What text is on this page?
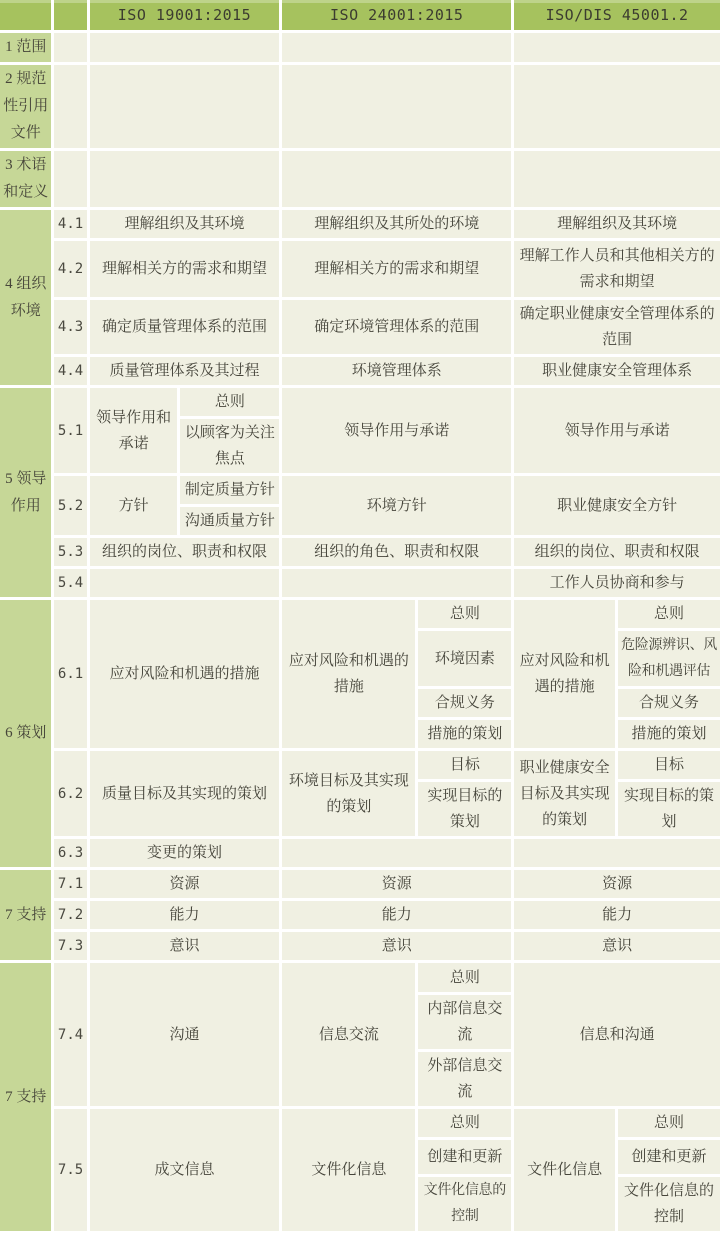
		ISO 19001:2015		ISO 24001:2015		ISO/DIS 45001.2	
1 范围							
2 规范性引用文件							
3 术语和定义							
4 组织环境	4.1	理解组织及其环境		理解组织及其所处的环境		理解组织及其环境	
	4.2	理解相关方的需求和期望		理解相关方的需求和期望		理解工作人员和其他相关方的需求和期望	
	4.3	确定质量管理体系的范围		确定环境管理体系的范围		确定职业健康安全管理体系的范围	
	4.4	质量管理体系及其过程		环境管理体系		职业健康安全管理体系	
5 领导作用	5.1	领导作用和承诺	总则	领导作用与承诺		领导作用与承诺	
			以顾客为关注焦点				
	5.2	方针	制定质量方针	环境方针		职业健康安全方针	
			沟通质量方针				
	5.3	组织的岗位、职责和权限		组织的角色、职责和权限		组织的岗位、职责和权限	
	5.4					工作人员协商和参与	
6 策划	6.1	应对风险和机遇的措施		应对风险和机遇的措施	总则	应对风险和机遇的措施	总则
					环境因素		危险源辨识、风险和机遇评估
					合规义务		合规义务
					措施的策划		措施的策划
	6.2	质量目标及其实现的策划		环境目标及其实现的策划	目标	职业健康安全目标及其实现的策划	目标
					实现目标的策划		实现目标的策划
	6.3	变更的策划					
7 支持	7.1	资源		资源		资源	
	7.2	能力		能力		能力	
	7.3	意识		意识		意识	
7 支持	7.4	沟通		信息交流	总则	信息和沟通	
					内部信息交流		
					外部信息交流		
	7.5	成文信息		文件化信息	总则	文件化信息	总则
					创建和更新		创建和更新
					文件化信息的控制		文件化信息的控制
